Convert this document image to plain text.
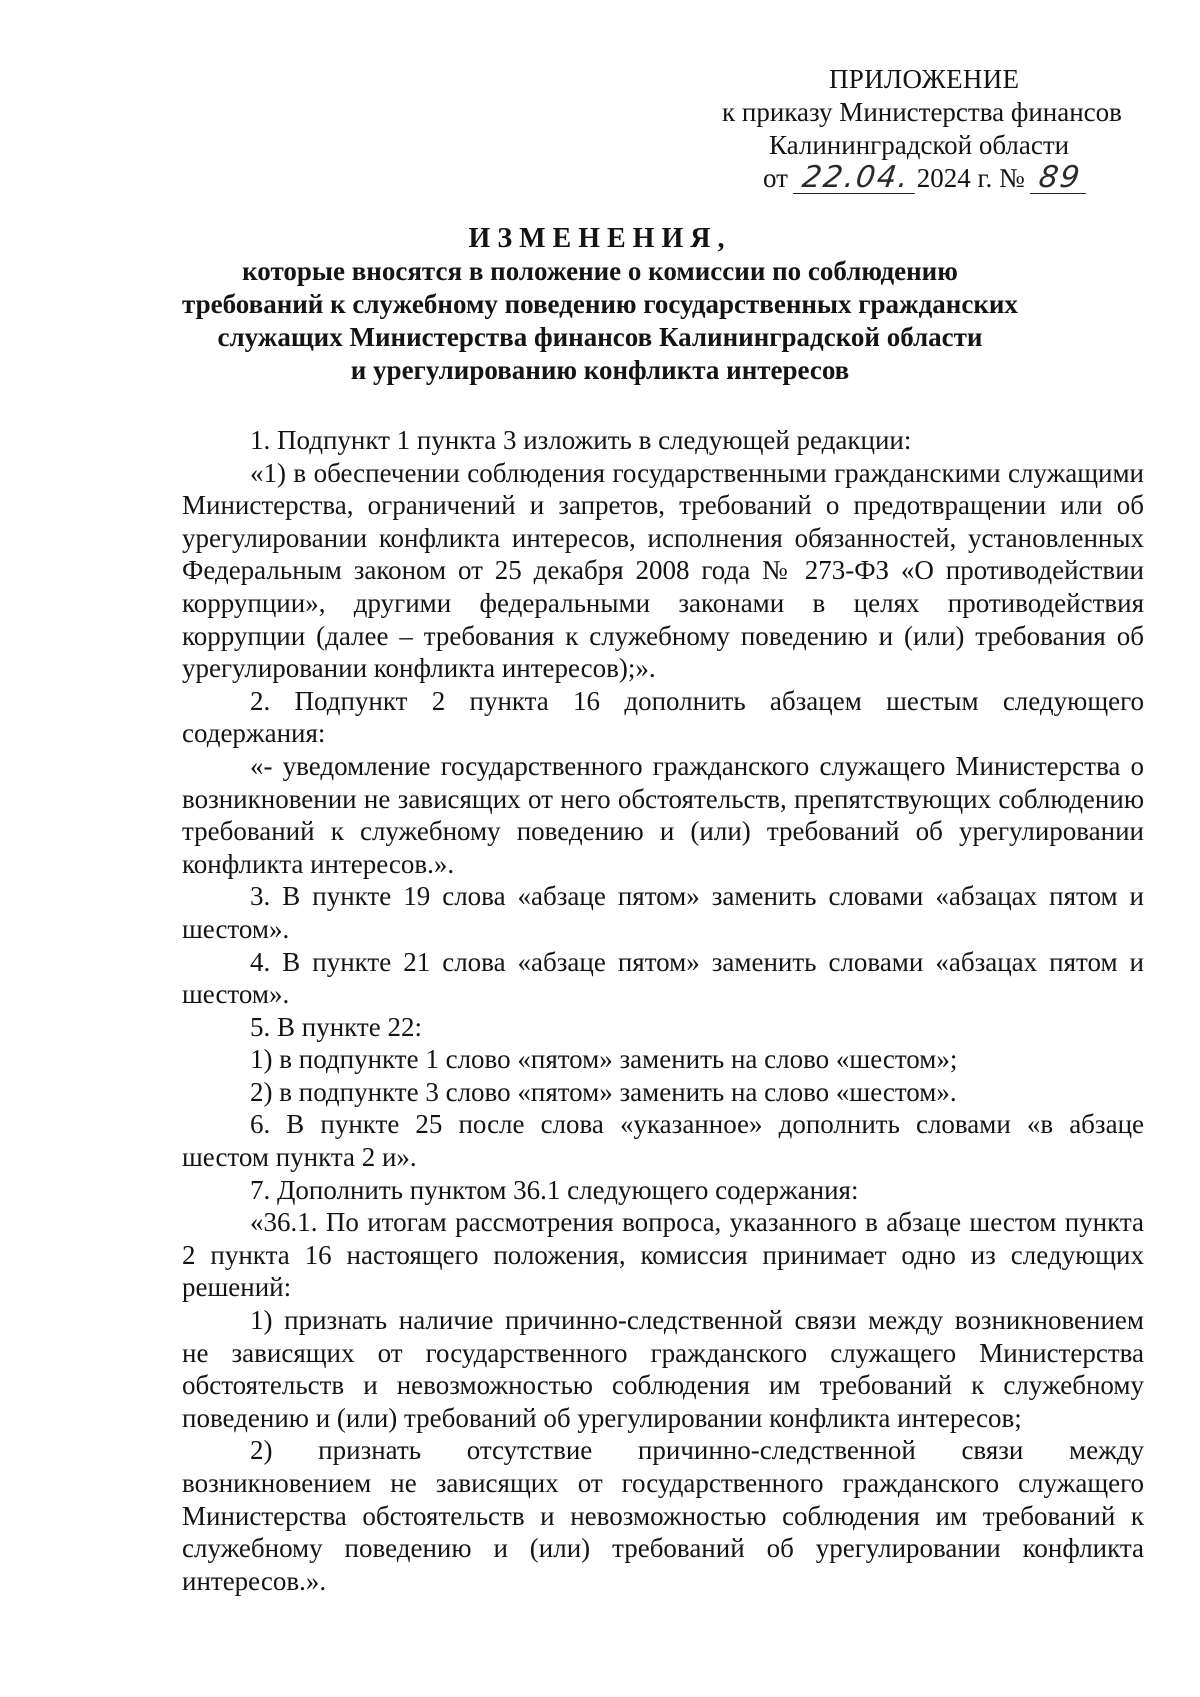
ПРИЛОЖЕНИЕ
к приказу Министерства финансов
Калининградской области
от 22.04. 2024 г. № 89
ИЗМЕНЕНИЯ,
которые вносятся в положение о комиссии по соблюдению
требований к служебному поведению государственных гражданских
служащих Министерства финансов Калининградской области
и урегулированию конфликта интересов

1. Подпункт 1 пункта 3 изложить в следующей редакции:

«1) в обеспечении соблюдения государственными гражданскими служащими Министерства, ограничений и запретов, требований о предотвращении или об урегулировании конфликта интересов, исполнения обязанностей, установленных Федеральным законом от 25 декабря 2008 года № 273-ФЗ «О противодействии коррупции», другими федеральными законами в целях противодействия коррупции (далее – требования к служебному поведению и (или) требования об урегулировании конфликта интересов);».

2. Подпункт 2 пункта 16 дополнить абзацем шестым следующего содержания:

«- уведомление государственного гражданского служащего Министерства о возникновении не зависящих от него обстоятельств, препятствующих соблюдению требований к служебному поведению и (или) требований об урегулировании конфликта интересов.».

3. В пункте 19 слова «абзаце пятом» заменить словами «абзацах пятом и шестом».

4. В пункте 21 слова «абзаце пятом» заменить словами «абзацах пятом и шестом».

5. В пункте 22:

1) в подпункте 1 слово «пятом» заменить на слово «шестом»;

2) в подпункте 3 слово «пятом» заменить на слово «шестом».

6. В пункте 25 после слова «указанное» дополнить словами «в абзаце шестом пункта 2 и».

7. Дополнить пунктом 36.1 следующего содержания:

«36.1. По итогам рассмотрения вопроса, указанного в абзаце шестом пункта 2 пункта 16 настоящего положения, комиссия принимает одно из следующих решений:

1) признать наличие причинно-следственной связи между возникновением не зависящих от государственного гражданского служащего Министерства обстоятельств и невозможностью соблюдения им требований к служебному поведению и (или) требований об урегулировании конфликта интересов;

2) признать отсутствие причинно-следственной связи между возникновением не зависящих от государственного гражданского служащего Министерства обстоятельств и невозможностью соблюдения им требований к служебному поведению и (или) требований об урегулировании конфликта интересов.».
